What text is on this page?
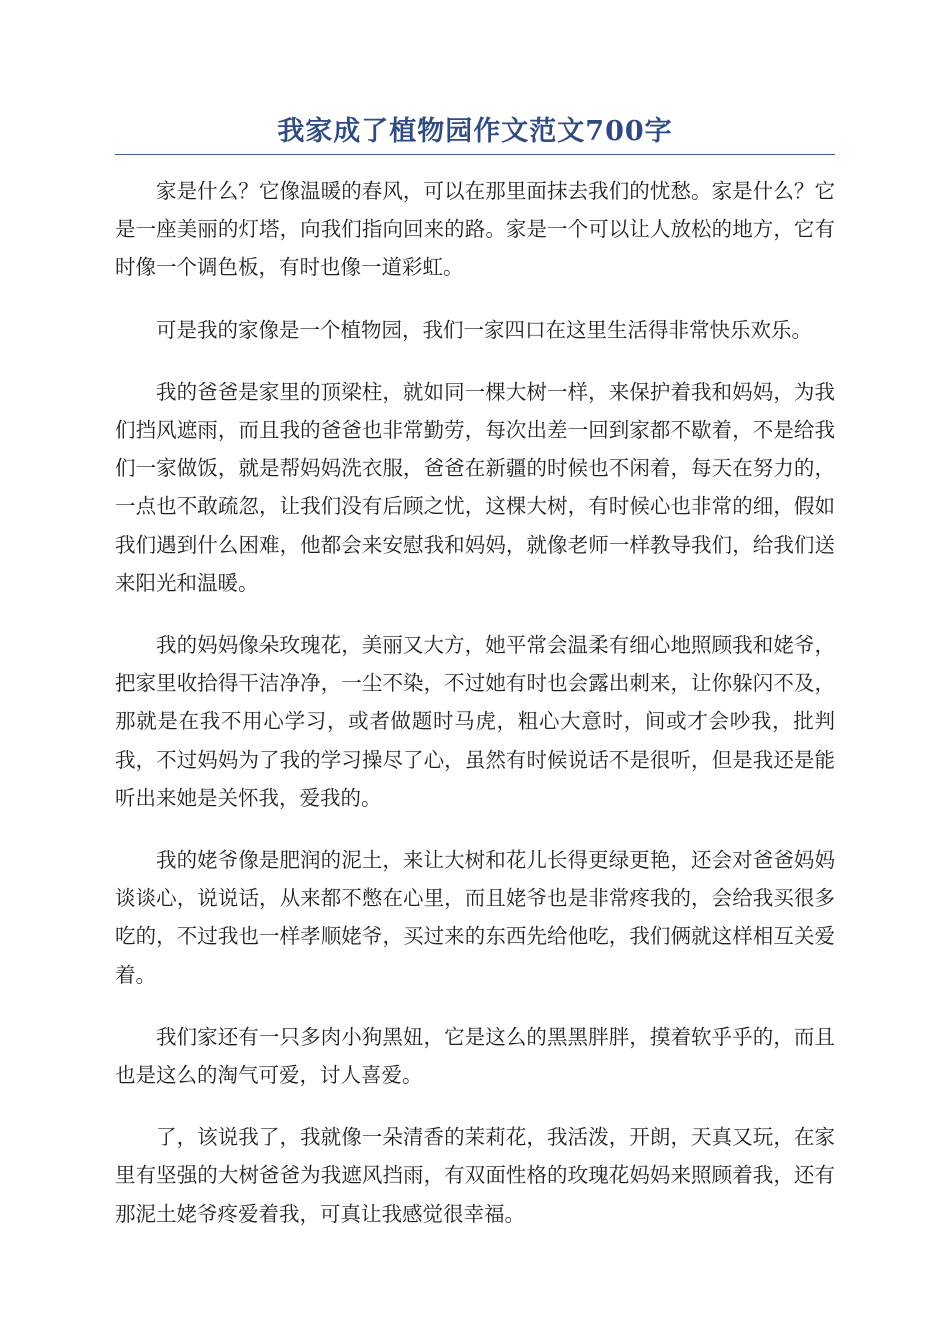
我家成了植物园作文范文700字

家是什么？它像温暖的春风，可以在那里面抹去我们的忧愁。家是什么？它是一座美丽的灯塔，向我们指向回来的路。家是一个可以让人放松的地方，它有时像一个调色板，有时也像一道彩虹。

可是我的家像是一个植物园，我们一家四口在这里生活得非常快乐欢乐。

我的爸爸是家里的顶梁柱，就如同一棵大树一样，来保护着我和妈妈，为我们挡风遮雨，而且我的爸爸也非常勤劳，每次出差一回到家都不歇着，不是给我们一家做饭，就是帮妈妈洗衣服，爸爸在新疆的时候也不闲着，每天在努力的，一点也不敢疏忽，让我们没有后顾之忧，这棵大树，有时候心也非常的细，假如我们遇到什么困难，他都会来安慰我和妈妈，就像老师一样教导我们，给我们送来阳光和温暖。

我的妈妈像朵玫瑰花，美丽又大方，她平常会温柔有细心地照顾我和姥爷，把家里收拾得干洁净净，一尘不染，不过她有时也会露出刺来，让你躲闪不及，那就是在我不用心学习，或者做题时马虎，粗心大意时，间或才会吵我，批判我，不过妈妈为了我的学习操尽了心，虽然有时候说话不是很听，但是我还是能听出来她是关怀我，爱我的。

我的姥爷像是肥润的泥土，来让大树和花儿长得更绿更艳，还会对爸爸妈妈谈谈心，说说话，从来都不憋在心里，而且姥爷也是非常疼我的，会给我买很多吃的，不过我也一样孝顺姥爷，买过来的东西先给他吃，我们俩就这样相互关爱着。

我们家还有一只多肉小狗黑妞，它是这么的黑黑胖胖，摸着软乎乎的，而且也是这么的淘气可爱，讨人喜爱。

了，该说我了，我就像一朵清香的茉莉花，我活泼，开朗，天真又玩，在家里有坚强的大树爸爸为我遮风挡雨，有双面性格的玫瑰花妈妈来照顾着我，还有那泥土姥爷疼爱着我，可真让我感觉很幸福。
